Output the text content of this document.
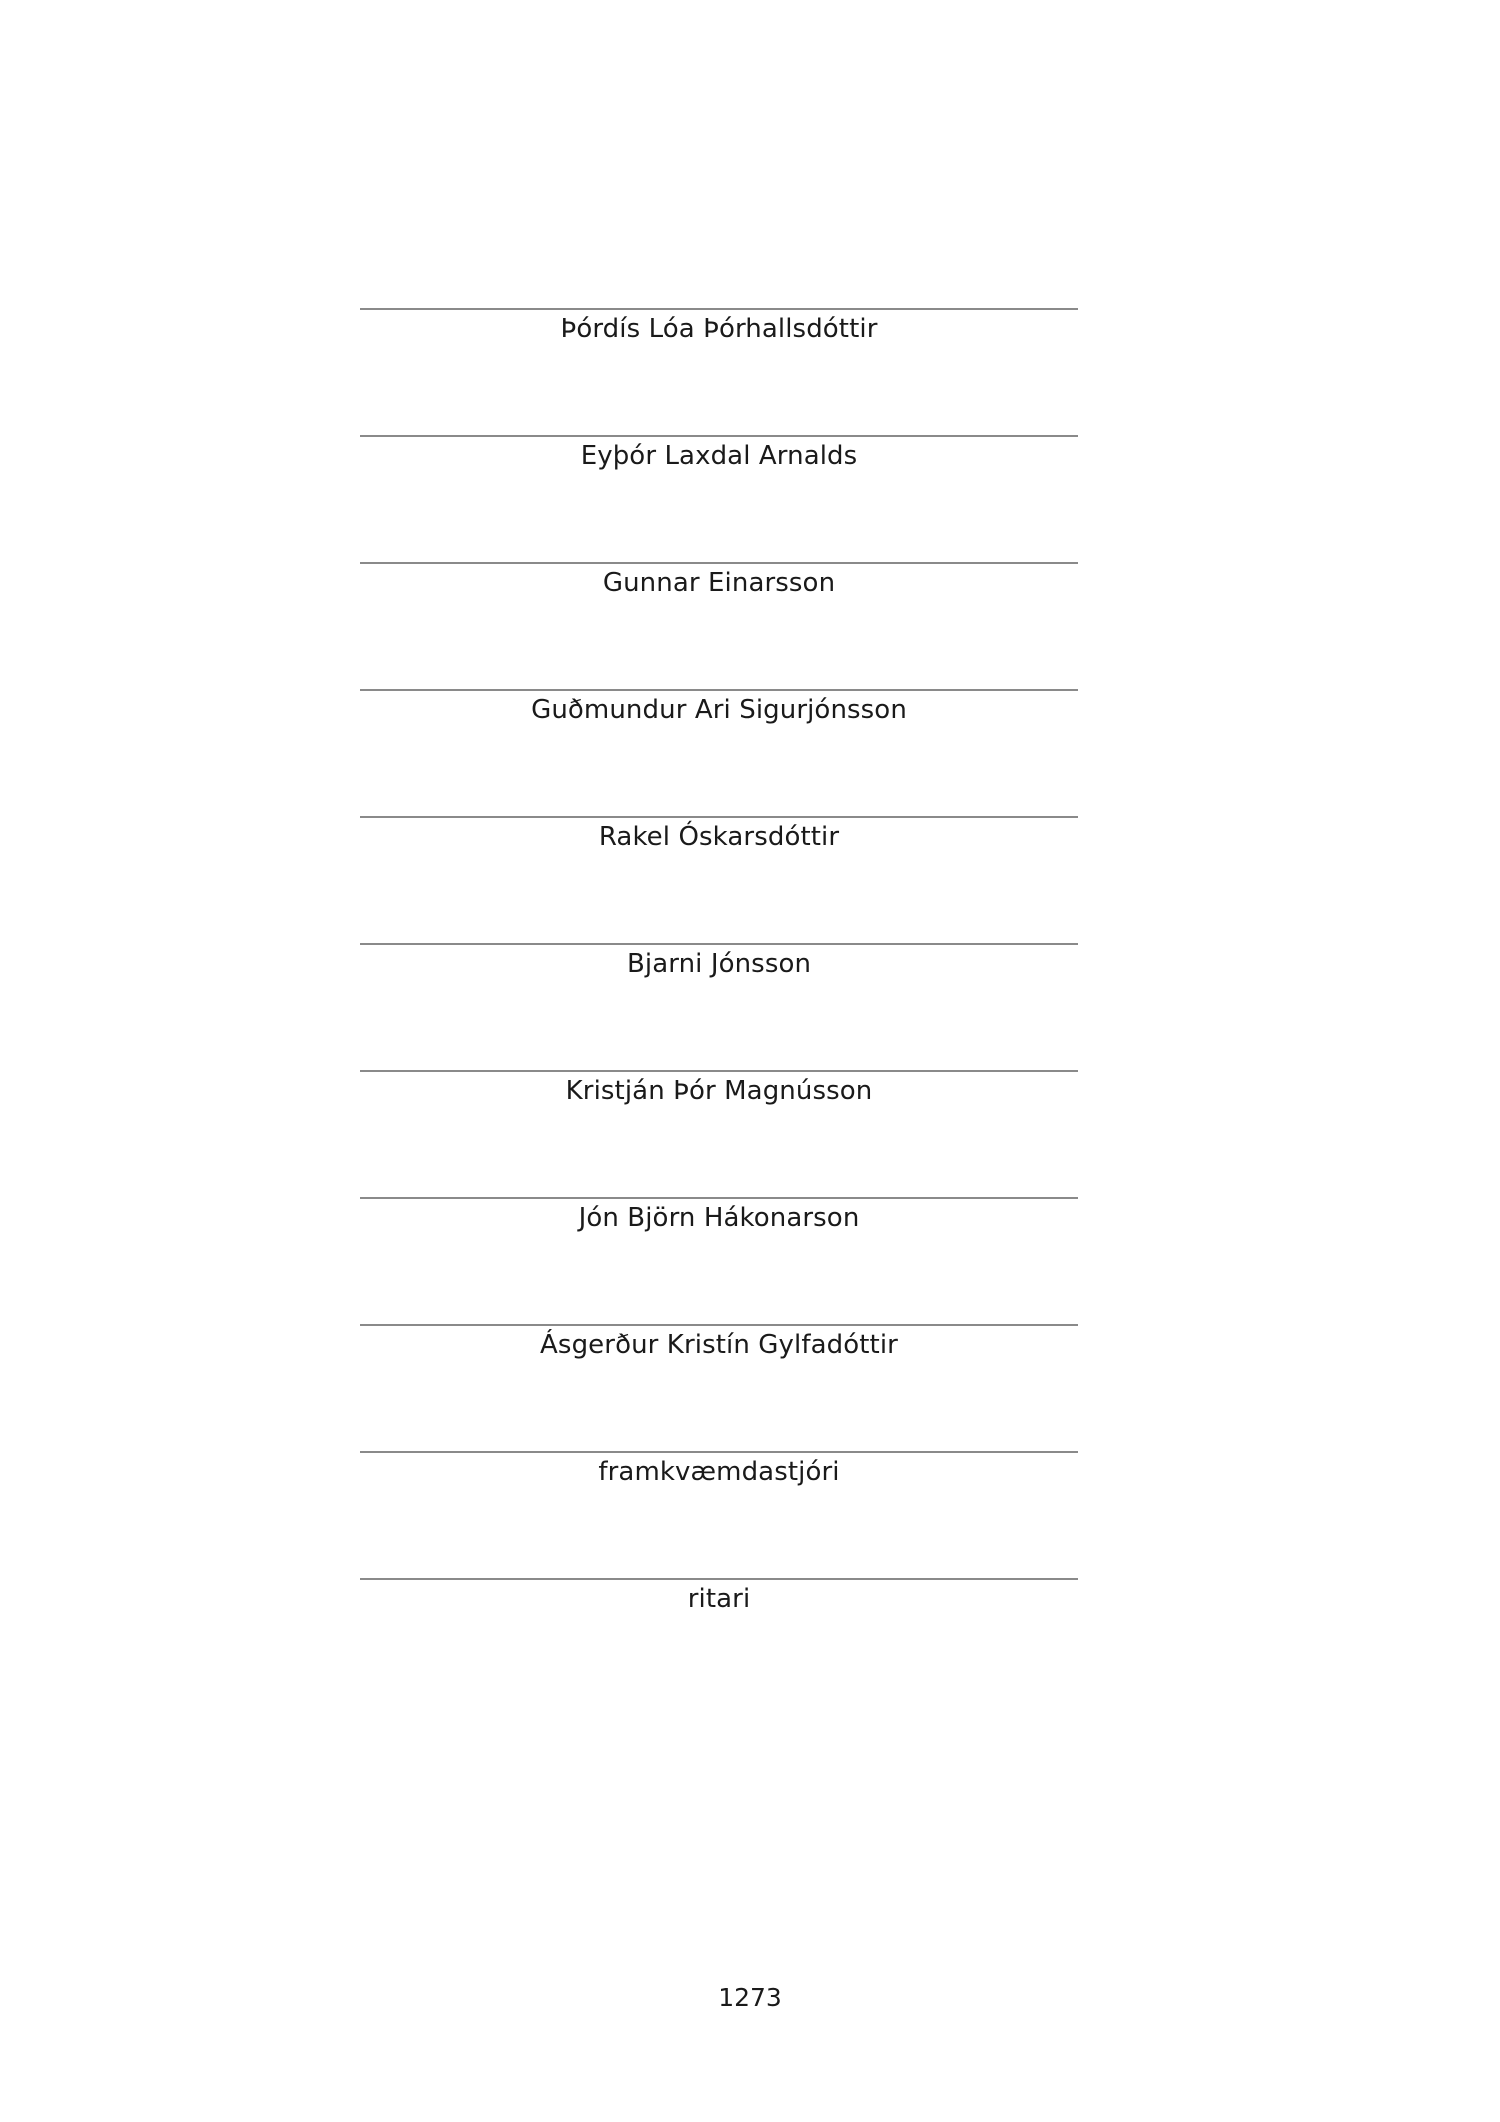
Þórdís Lóa Þórhallsdóttir
Eyþór Laxdal Arnalds
Gunnar Einarsson
Guðmundur Ari Sigurjónsson
Rakel Óskarsdóttir
Bjarni Jónsson
Kristján Þór Magnússon
Jón Björn Hákonarson
Ásgerður Kristín Gylfadóttir
framkvæmdastjóri
ritari
1273
